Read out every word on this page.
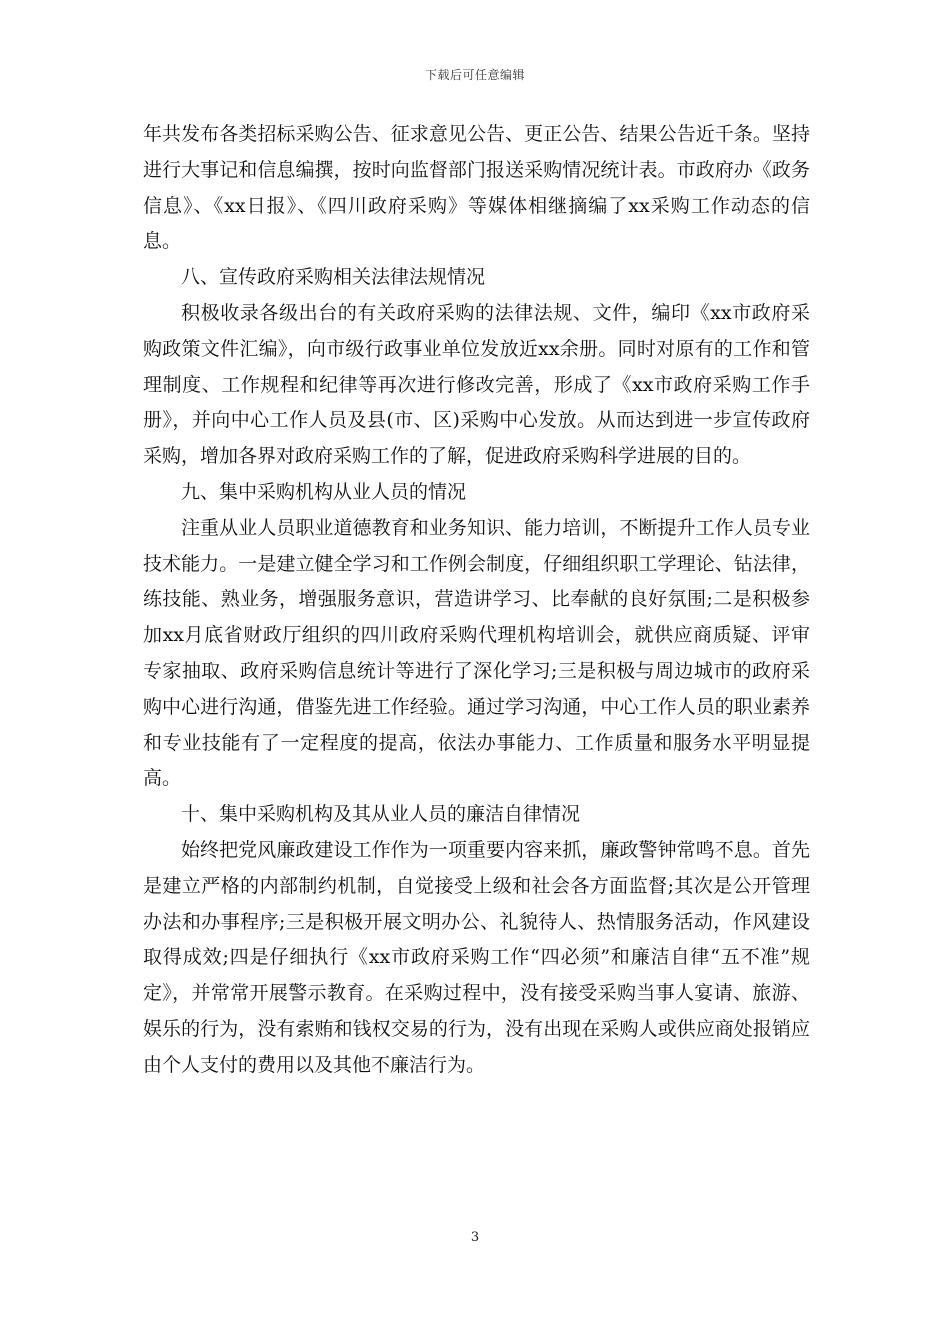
下载后可任意编辑

年共发布各类招标采购公告、征求意见公告、更正公告、结果公告近千条。坚持进行大事记和信息编撰，按时向监督部门报送采购情况统计表。市政府办《政务信息》、《xx日报》、《四川政府采购》等媒体相继摘编了xx采购工作动态的信息。

八、宣传政府采购相关法律法规情况

积极收录各级出台的有关政府采购的法律法规、文件，编印《xx市政府采购政策文件汇编》，向市级行政事业单位发放近xx余册。同时对原有的工作和管理制度、工作规程和纪律等再次进行修改完善，形成了《xx市政府采购工作手册》，并向中心工作人员及县(市、区)采购中心发放。从而达到进一步宣传政府采购，增加各界对政府采购工作的了解，促进政府采购科学进展的目的。

九、集中采购机构从业人员的情况

注重从业人员职业道德教育和业务知识、能力培训，不断提升工作人员专业技术能力。一是建立健全学习和工作例会制度，仔细组织职工学理论、钻法律，练技能、熟业务，增强服务意识，营造讲学习、比奉献的良好氛围;二是积极参加xx月底省财政厅组织的四川政府采购代理机构培训会，就供应商质疑、评审专家抽取、政府采购信息统计等进行了深化学习;三是积极与周边城市的政府采购中心进行沟通，借鉴先进工作经验。通过学习沟通，中心工作人员的职业素养和专业技能有了一定程度的提高，依法办事能力、工作质量和服务水平明显提高。

十、集中采购机构及其从业人员的廉洁自律情况

始终把党风廉政建设工作作为一项重要内容来抓，廉政警钟常鸣不息。首先是建立严格的内部制约机制，自觉接受上级和社会各方面监督;其次是公开管理办法和办事程序;三是积极开展文明办公、礼貌待人、热情服务活动，作风建设取得成效;四是仔细执行《xx市政府采购工作“四必须”和廉洁自律“五不准”规定》，并常常开展警示教育。在采购过程中，没有接受采购当事人宴请、旅游、娱乐的行为，没有索贿和钱权交易的行为，没有出现在采购人或供应商处报销应由个人支付的费用以及其他不廉洁行为。

3
